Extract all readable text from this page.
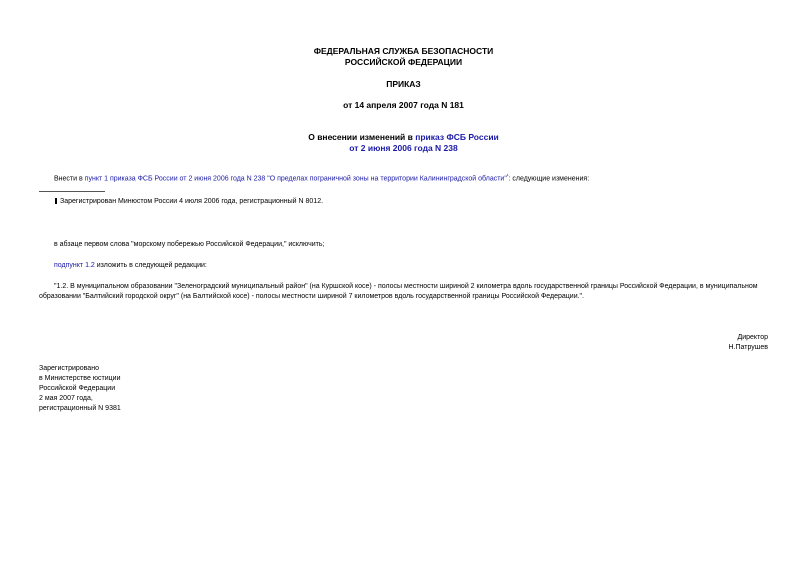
ФЕДЕРАЛЬНАЯ СЛУЖБА БЕЗОПАСНОСТИ
РОССИЙСКОЙ ФЕДЕРАЦИИ
ПРИКАЗ
от 14 апреля 2007 года N 181
О внесении изменений в приказ ФСБ России
от 2 июня 2006 года N 238
Внести в пункт 1 приказа ФСБ России от 2 июня 2006 года N 238 "О пределах пограничной зоны на территории Калининградской области"$^{^1}$: следующие изменения:
Зарегистрирован Минюстом России 4 июля 2006 года, регистрационный N 8012.
в абзаце первом слова "морскому побережью Российской Федерации," исключить;
подпункт 1.2 изложить в следующей редакции:
"1.2. В муниципальном образовании "Зеленоградский муниципальный район" (на Куршской косе) - полосы местности шириной 2 километра вдоль государственной границы Российской Федерации, в муниципальном образовании "Балтийский городской округ" (на Балтийской косе) - полосы местности шириной 7 километров вдоль государственной границы Российской Федерации.".
Директор
Н.Патрушев
Зарегистрировано
в Министерстве юстиции
Российской Федерации
2 мая 2007 года,
регистрационный N 9381
